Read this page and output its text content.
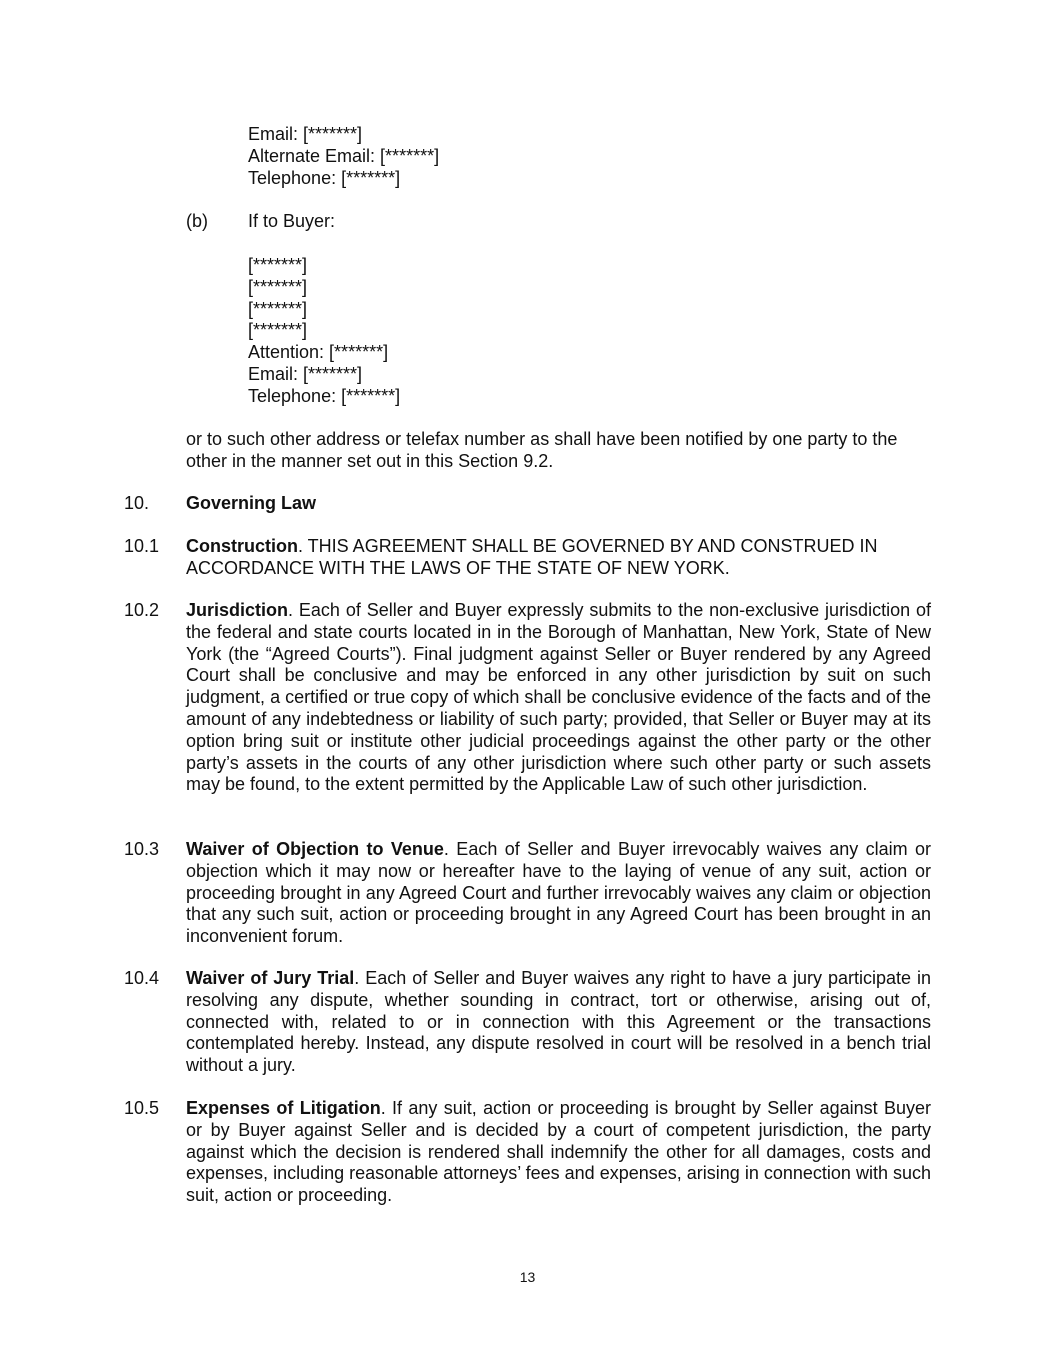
Email: [*******]
Alternate Email: [*******]
Telephone: [*******]
(b) If to Buyer:
[*******]
[*******]
[*******]
[*******]
Attention: [*******]
Email: [*******]
Telephone: [*******]
or to such other address or telefax number as shall have been notified by one party to the other in the manner set out in this Section 9.2.
10. Governing Law
10.1 Construction. THIS AGREEMENT SHALL BE GOVERNED BY AND CONSTRUED IN ACCORDANCE WITH THE LAWS OF THE STATE OF NEW YORK.
10.2 Jurisdiction. Each of Seller and Buyer expressly submits to the non-exclusive jurisdiction of the federal and state courts located in in the Borough of Manhattan, New York, State of New York (the “Agreed Courts”). Final judgment against Seller or Buyer rendered by any Agreed Court shall be conclusive and may be enforced in any other jurisdiction by suit on such judgment, a certified or true copy of which shall be conclusive evidence of the facts and of the amount of any indebtedness or liability of such party; provided, that Seller or Buyer may at its option bring suit or institute other judicial proceedings against the other party or the other party’s assets in the courts of any other jurisdiction where such other party or such assets may be found, to the extent permitted by the Applicable Law of such other jurisdiction.
10.3 Waiver of Objection to Venue. Each of Seller and Buyer irrevocably waives any claim or objection which it may now or hereafter have to the laying of venue of any suit, action or proceeding brought in any Agreed Court and further irrevocably waives any claim or objection that any such suit, action or proceeding brought in any Agreed Court has been brought in an inconvenient forum.
10.4 Waiver of Jury Trial. Each of Seller and Buyer waives any right to have a jury participate in resolving any dispute, whether sounding in contract, tort or otherwise, arising out of, connected with, related to or in connection with this Agreement or the transactions contemplated hereby. Instead, any dispute resolved in court will be resolved in a bench trial without a jury.
10.5 Expenses of Litigation. If any suit, action or proceeding is brought by Seller against Buyer or by Buyer against Seller and is decided by a court of competent jurisdiction, the party against which the decision is rendered shall indemnify the other for all damages, costs and expenses, including reasonable attorneys’ fees and expenses, arising in connection with such suit, action or proceeding.
13
